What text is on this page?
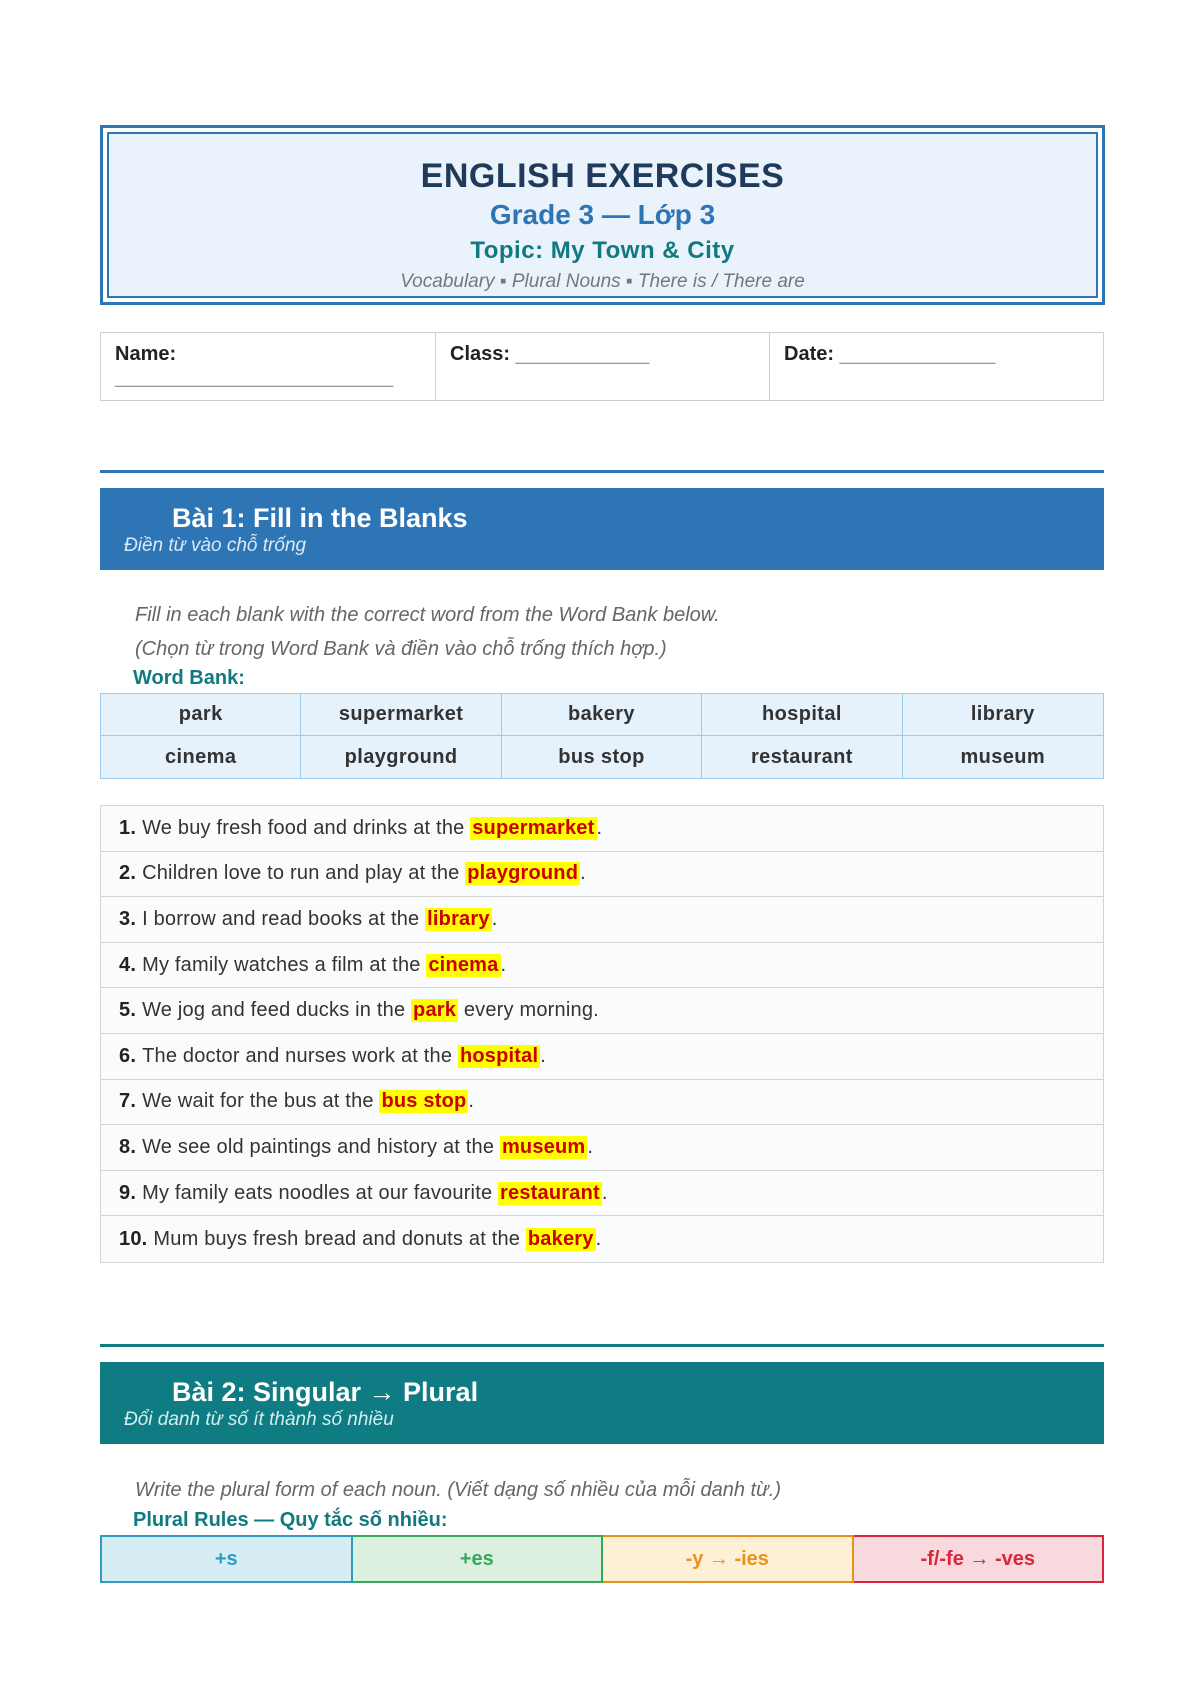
ENGLISH EXERCISES
Grade 3 — Lớp 3
Topic: My Town & City
Vocabulary ▪ Plural Nouns ▪ There is / There are
Name:
_________________________
Class: ____________	Date: ______________
Bài 1: Fill in the Blanks
Điền từ vào chỗ trống
Fill in each blank with the correct word from the Word Bank below.
(Chọn từ trong Word Bank và điền vào chỗ trống thích hợp.)
Word Bank:
park	supermarket	bakery	hospital	library
cinema	playground	bus stop	restaurant	museum
1. We buy fresh food and drinks at the supermarket .
2. Children love to run and play at the playground .
3. I borrow and read books at the library .
4. My family watches a film at the cinema .
5. We jog and feed ducks in the park every morning.
6. The doctor and nurses work at the hospital .
7. We wait for the bus at the bus stop .
8. We see old paintings and history at the museum .
9. My family eats noodles at our favourite restaurant .
10. Mum buys fresh bread and donuts at the bakery .
Bài 2: Singular → Plural
Đổi danh từ số ít thành số nhiều
Write the plural form of each noun. (Viết dạng số nhiều của mỗi danh từ.)
Plural Rules — Quy tắc số nhiều:
+s	+es	-y → -ies	-f/-fe → -ves
